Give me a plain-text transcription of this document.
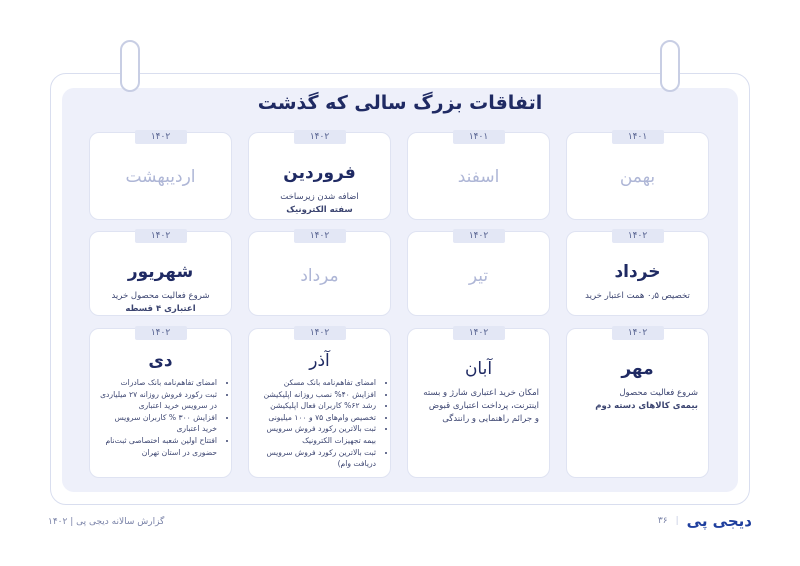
اتفاقات بزرگ سالی که گذشت
۱۴۰۱
بهمن
۱۴۰۱
اسفند
۱۴۰۲
فروردین
اضافه شدن زیرساخت
سفته الکترونیک
۱۴۰۲
اردیبهشت
۱۴۰۲
خرداد
تخصیص ۰٫۵ همت اعتبار خرید
۱۴۰۲
تیر
۱۴۰۲
مرداد
۱۴۰۲
شهریور
شروع فعالیت محصول خرید
اعتباری ۴ قسطه
۱۴۰۲
مهر
شروع فعالیت محصول
بیمه‌ی کالاهای دسته دوم
۱۴۰۲
آبان
امکان خرید اعتباری شارژ و بسته
اینترنت، پرداخت اعتباری قبوض
و جرائم راهنمایی و رانندگی
۱۴۰۲
آذر
• امضای تفاهم‌نامه بانک مسکن
• افزایش ۴۰% نصب روزانه اپلیکیشن
• رشد ۶۲% کاربران فعال اپلیکیشن
• تخصیص وام‌های ۷۵ و ۱۰۰ میلیونی
• ثبت بالاترین رکورد فروش سرویس بیمه تجهیزات الکترونیک
• ثبت بالاترین رکورد فروش سرویس دریافت وام)
۱۴۰۲
دی
• امضای تفاهم‌نامه بانک صادرات
• ثبت رکورد فروش روزانه ۲۷ میلیاردی در سرویس خرید اعتباری
• افزایش ۳۰۰ % کاربران سرویس خرید اعتباری
• افتتاح اولین شعبه اختصاصی ثبت‌نام حضوری در استان تهران
گزارش سالانه دیجی پی | ۱۴۰۲	دیجی پی
|
۳۶
